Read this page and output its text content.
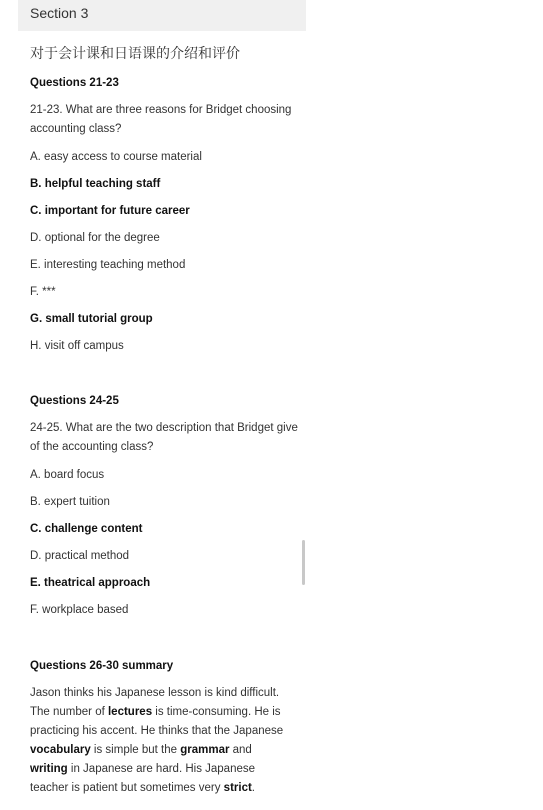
Section 3
对于会计课和日语课的介绍和评价
Questions 21-23
21-23. What are three reasons for Bridget choosing
accounting class?
A. easy access to course material
B. helpful teaching staff
C. important for future career
D. optional for the degree
E. interesting teaching method
F. ***
G. small tutorial group
H. visit off campus
Questions 24-25
24-25. What are the two description that Bridget give
of the accounting class?
A. board focus
B. expert tuition
C. challenge content
D. practical method
E. theatrical approach
F. workplace based
Questions 26-30 summary
Jason thinks his Japanese lesson is kind difficult. The number of lectures is time-consuming. He is practicing his accent. He thinks that the Japanese vocabulary is simple but the grammar and writing in Japanese are hard. His Japanese teacher is patient but sometimes very strict.
